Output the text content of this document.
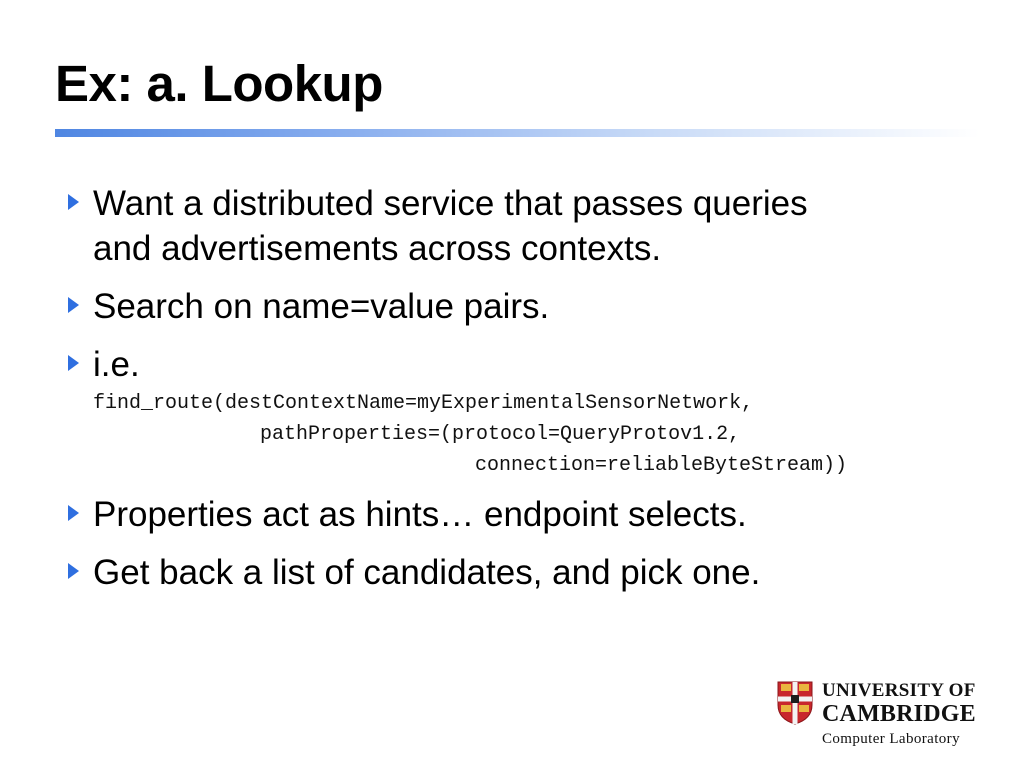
Ex: a. Lookup
Want a distributed service that passes queries
and advertisements across contexts.
Search on name=value pairs.
i.e.
find_route(destContextName=myExperimentalSensorNetwork,
pathProperties=(protocol=QueryProtov1.2,
connection=reliableByteStream))
Properties act as hints… endpoint selects.
Get back a list of candidates, and pick one.
UNIVERSITY OF
CAMBRIDGE
Computer Laboratory
